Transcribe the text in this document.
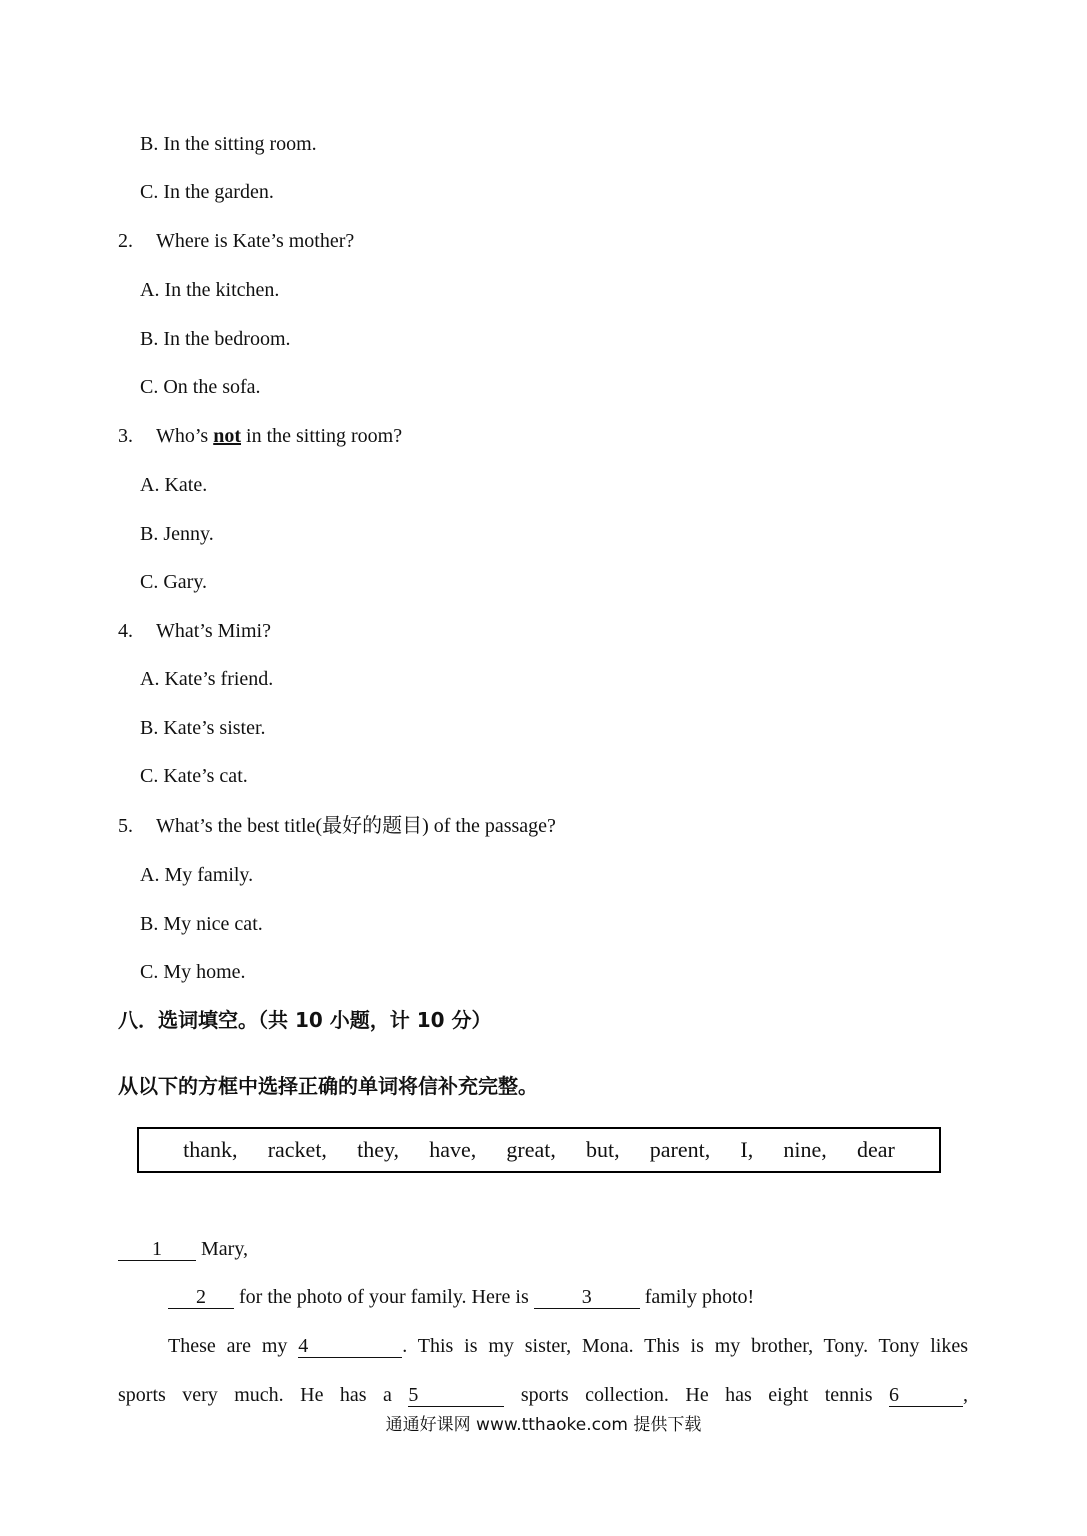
B. In the sitting room.
C. In the garden.
2. Where is Kate’s mother?
A. In the kitchen.
B. In the bedroom.
C. On the sofa.
3. Who’s not in the sitting room?
A. Kate.
B. Jenny.
C. Gary.
4. What’s Mimi?
A. Kate’s friend.
B. Kate’s sister.
C. Kate’s cat.
5. What’s the best title(最好的题目) of the passage?
A. My family.
B. My nice cat.
C. My home.
八．选词填空。（共 10 小题，计 10 分）
从以下的方框中选择正确的单词将信补充完整。
thank, racket, they, have, great, but, parent, I, nine, dear
1 Mary,
2 for the photo of your family. Here is 3 family photo!
These are my 4	. This is my sister, Mona. This is my brother, Tony. Tony likes
sports very much. He has a 5	sports collection. He has eight tennis 6	,
通通好课网 www.tthaoke.com 提供下载
